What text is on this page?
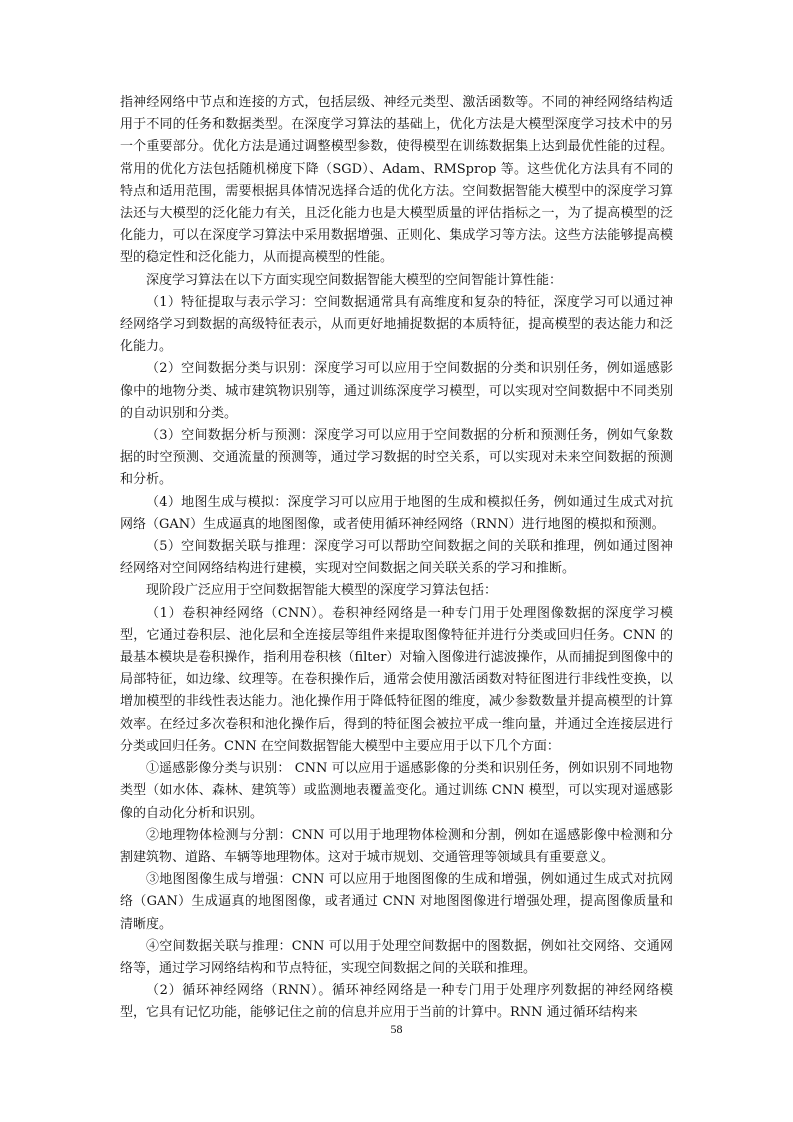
指神经网络中节点和连接的方式，包括层级、神经元类型、激活函数等。不同的神经网络结构适用于不同的任务和数据类型。在深度学习算法的基础上，优化方法是大模型深度学习技术中的另一个重要部分。优化方法是通过调整模型参数，使得模型在训练数据集上达到最优性能的过程。常用的优化方法包括随机梯度下降（SGD）、Adam、RMSprop 等。这些优化方法具有不同的特点和适用范围，需要根据具体情况选择合适的优化方法。空间数据智能大模型中的深度学习算法还与大模型的泛化能力有关，且泛化能力也是大模型质量的评估指标之一，为了提高模型的泛化能力，可以在深度学习算法中采用数据增强、正则化、集成学习等方法。这些方法能够提高模型的稳定性和泛化能力，从而提高模型的性能。

深度学习算法在以下方面实现空间数据智能大模型的空间智能计算性能：

（1）特征提取与表示学习：空间数据通常具有高维度和复杂的特征，深度学习可以通过神经网络学习到数据的高级特征表示，从而更好地捕捉数据的本质特征，提高模型的表达能力和泛化能力。

（2）空间数据分类与识别：深度学习可以应用于空间数据的分类和识别任务，例如遥感影像中的地物分类、城市建筑物识别等，通过训练深度学习模型，可以实现对空间数据中不同类别的自动识别和分类。

（3）空间数据分析与预测：深度学习可以应用于空间数据的分析和预测任务，例如气象数据的时空预测、交通流量的预测等，通过学习数据的时空关系，可以实现对未来空间数据的预测和分析。

（4）地图生成与模拟：深度学习可以应用于地图的生成和模拟任务，例如通过生成式对抗网络（GAN）生成逼真的地图图像，或者使用循环神经网络（RNN）进行地图的模拟和预测。

（5）空间数据关联与推理：深度学习可以帮助空间数据之间的关联和推理，例如通过图神经网络对空间网络结构进行建模，实现对空间数据之间关联关系的学习和推断。

现阶段广泛应用于空间数据智能大模型的深度学习算法包括：

（1）卷积神经网络（CNN）。卷积神经网络是一种专门用于处理图像数据的深度学习模型，它通过卷积层、池化层和全连接层等组件来提取图像特征并进行分类或回归任务。CNN 的最基本模块是卷积操作，指利用卷积核（filter）对输入图像进行滤波操作，从而捕捉到图像中的局部特征，如边缘、纹理等。在卷积操作后，通常会使用激活函数对特征图进行非线性变换，以增加模型的非线性表达能力。池化操作用于降低特征图的维度，减少参数数量并提高模型的计算效率。在经过多次卷积和池化操作后，得到的特征图会被拉平成一维向量，并通过全连接层进行分类或回归任务。CNN 在空间数据智能大模型中主要应用于以下几个方面：

①遥感影像分类与识别： CNN 可以应用于遥感影像的分类和识别任务，例如识别不同地物类型（如水体、森林、建筑等）或监测地表覆盖变化。通过训练 CNN 模型，可以实现对遥感影像的自动化分析和识别。

②地理物体检测与分割：CNN 可以用于地理物体检测和分割，例如在遥感影像中检测和分割建筑物、道路、车辆等地理物体。这对于城市规划、交通管理等领域具有重要意义。

③地图图像生成与增强：CNN 可以应用于地图图像的生成和增强，例如通过生成式对抗网络（GAN）生成逼真的地图图像，或者通过 CNN 对地图图像进行增强处理，提高图像质量和清晰度。

④空间数据关联与推理：CNN 可以用于处理空间数据中的图数据，例如社交网络、交通网络等，通过学习网络结构和节点特征，实现空间数据之间的关联和推理。

（2）循环神经网络（RNN）。循环神经网络是一种专门用于处理序列数据的神经网络模型，它具有记忆功能，能够记住之前的信息并应用于当前的计算中。RNN 通过循环结构来

58
